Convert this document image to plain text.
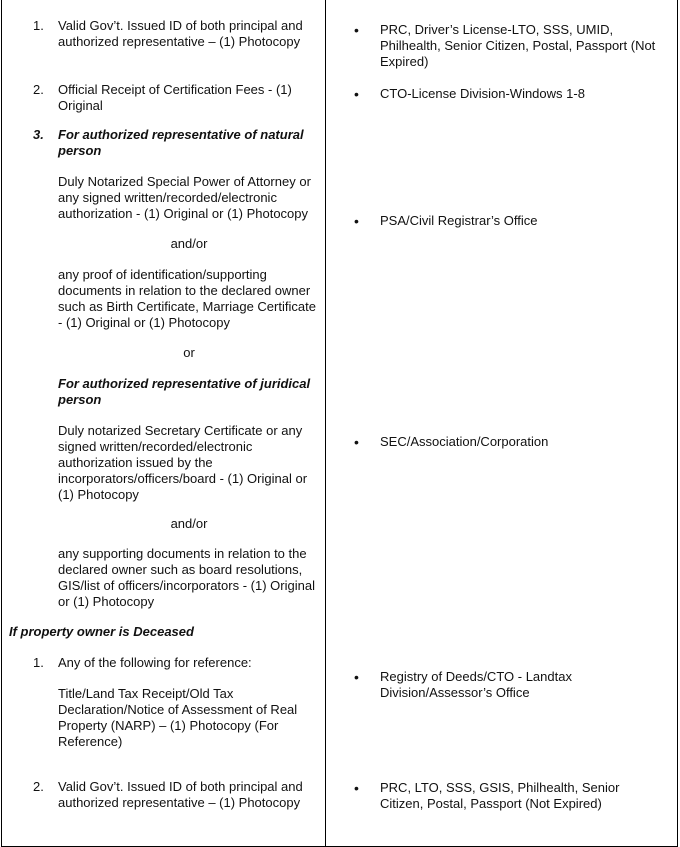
1. Valid Gov’t. Issued ID of both principal and authorized representative – (1) Photocopy
2. Official Receipt of Certification Fees - (1) Original
3. For authorized representative of natural person
Duly Notarized Special Power of Attorney or any signed written/recorded/electronic authorization - (1) Original or (1) Photocopy
and/or
any proof of identification/supporting documents in relation to the declared owner such as Birth Certificate, Marriage Certificate - (1) Original or (1) Photocopy
or
For authorized representative of juridical person
Duly notarized Secretary Certificate or any signed written/recorded/electronic authorization issued by the incorporators/officers/board - (1) Original or (1) Photocopy
and/or
any supporting documents in relation to the declared owner such as board resolutions, GIS/list of officers/incorporators - (1) Original or (1) Photocopy
If property owner is Deceased
1. Any of the following for reference:
Title/Land Tax Receipt/Old Tax Declaration/Notice of Assessment of Real Property (NARP) – (1) Photocopy (For Reference)
2. Valid Gov’t. Issued ID of both principal and authorized representative – (1) Photocopy
• PRC, Driver’s License-LTO, SSS, UMID, Philhealth, Senior Citizen, Postal, Passport (Not Expired)
• CTO-License Division-Windows 1-8
• PSA/Civil Registrar’s Office
• SEC/Association/Corporation
• Registry of Deeds/CTO - Landtax Division/Assessor’s Office
• PRC, LTO, SSS, GSIS, Philhealth, Senior Citizen, Postal, Passport (Not Expired)
